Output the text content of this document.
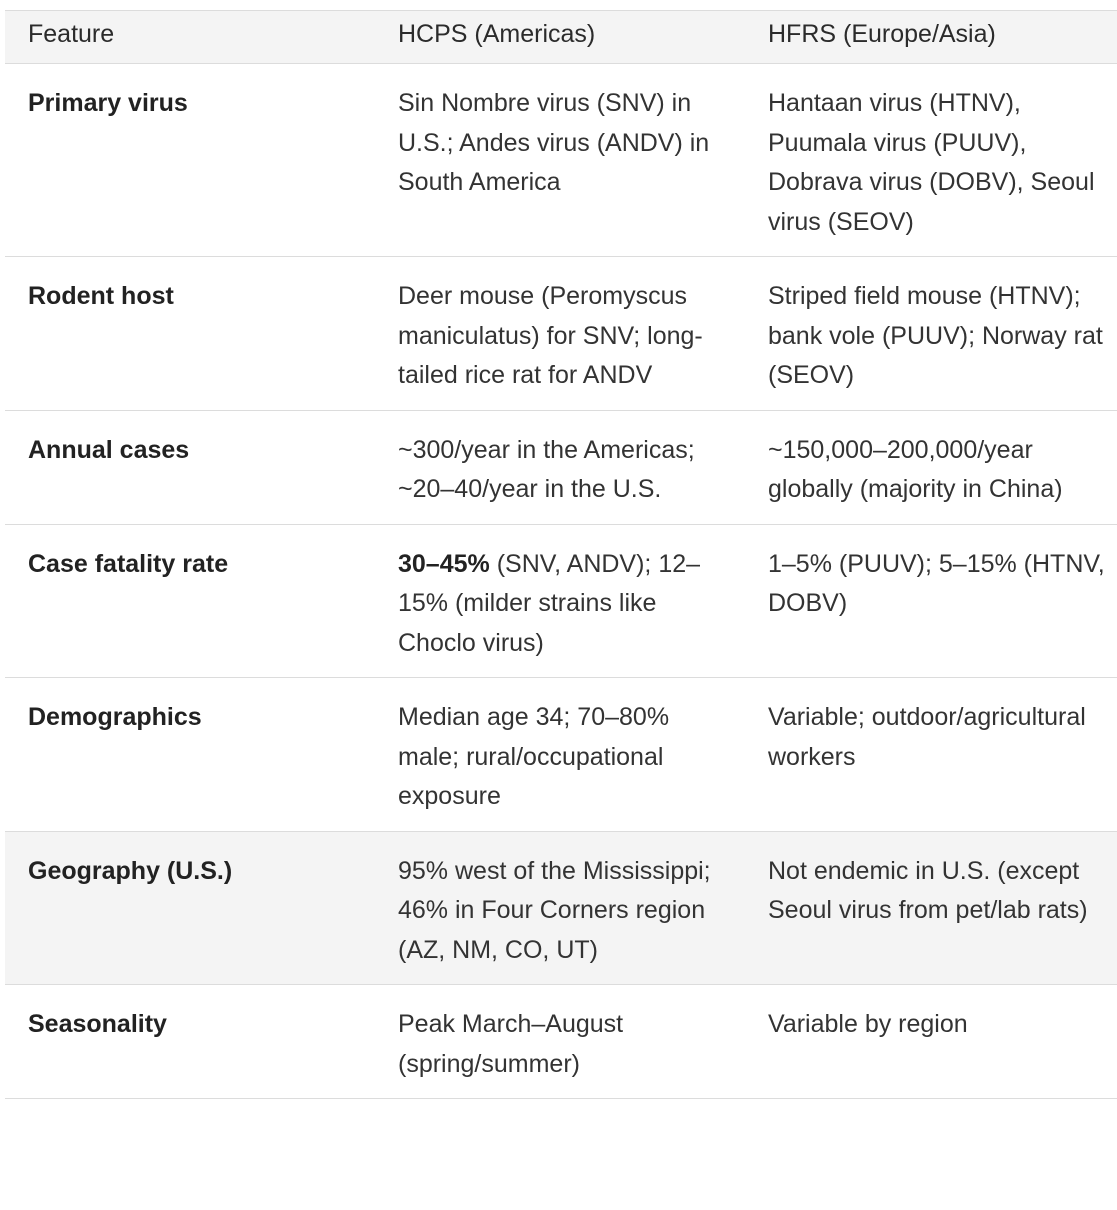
Feature	HCPS (Americas)	HFRS (Europe/Asia)

Primary virus	Sin Nombre virus (SNV) in U.S.; Andes virus (ANDV) in South America	Hantaan virus (HTNV), Puumala virus (PUUV), Dobrava virus (DOBV), Seoul virus (SEOV)
Rodent host	Deer mouse (Peromyscus maniculatus) for SNV; long-tailed rice rat for ANDV	Striped field mouse (HTNV); bank vole (PUUV); Norway rat (SEOV)
Annual cases	~300/year in the Americas; ~20–40/year in the U.S.	~150,000–200,000/year globally (majority in China)
Case fatality rate	30–45% (SNV, ANDV); 12–15% (milder strains like Choclo virus)	1–5% (PUUV); 5–15% (HTNV, DOBV)
Demographics	Median age 34; 70–80% male; rural/occupational exposure	Variable; outdoor/agricultural workers
Geography (U.S.)	95% west of the Mississippi; 46% in Four Corners region (AZ, NM, CO, UT)	Not endemic in U.S. (except Seoul virus from pet/lab rats)
Seasonality	Peak March–August (spring/summer)	Variable by region
